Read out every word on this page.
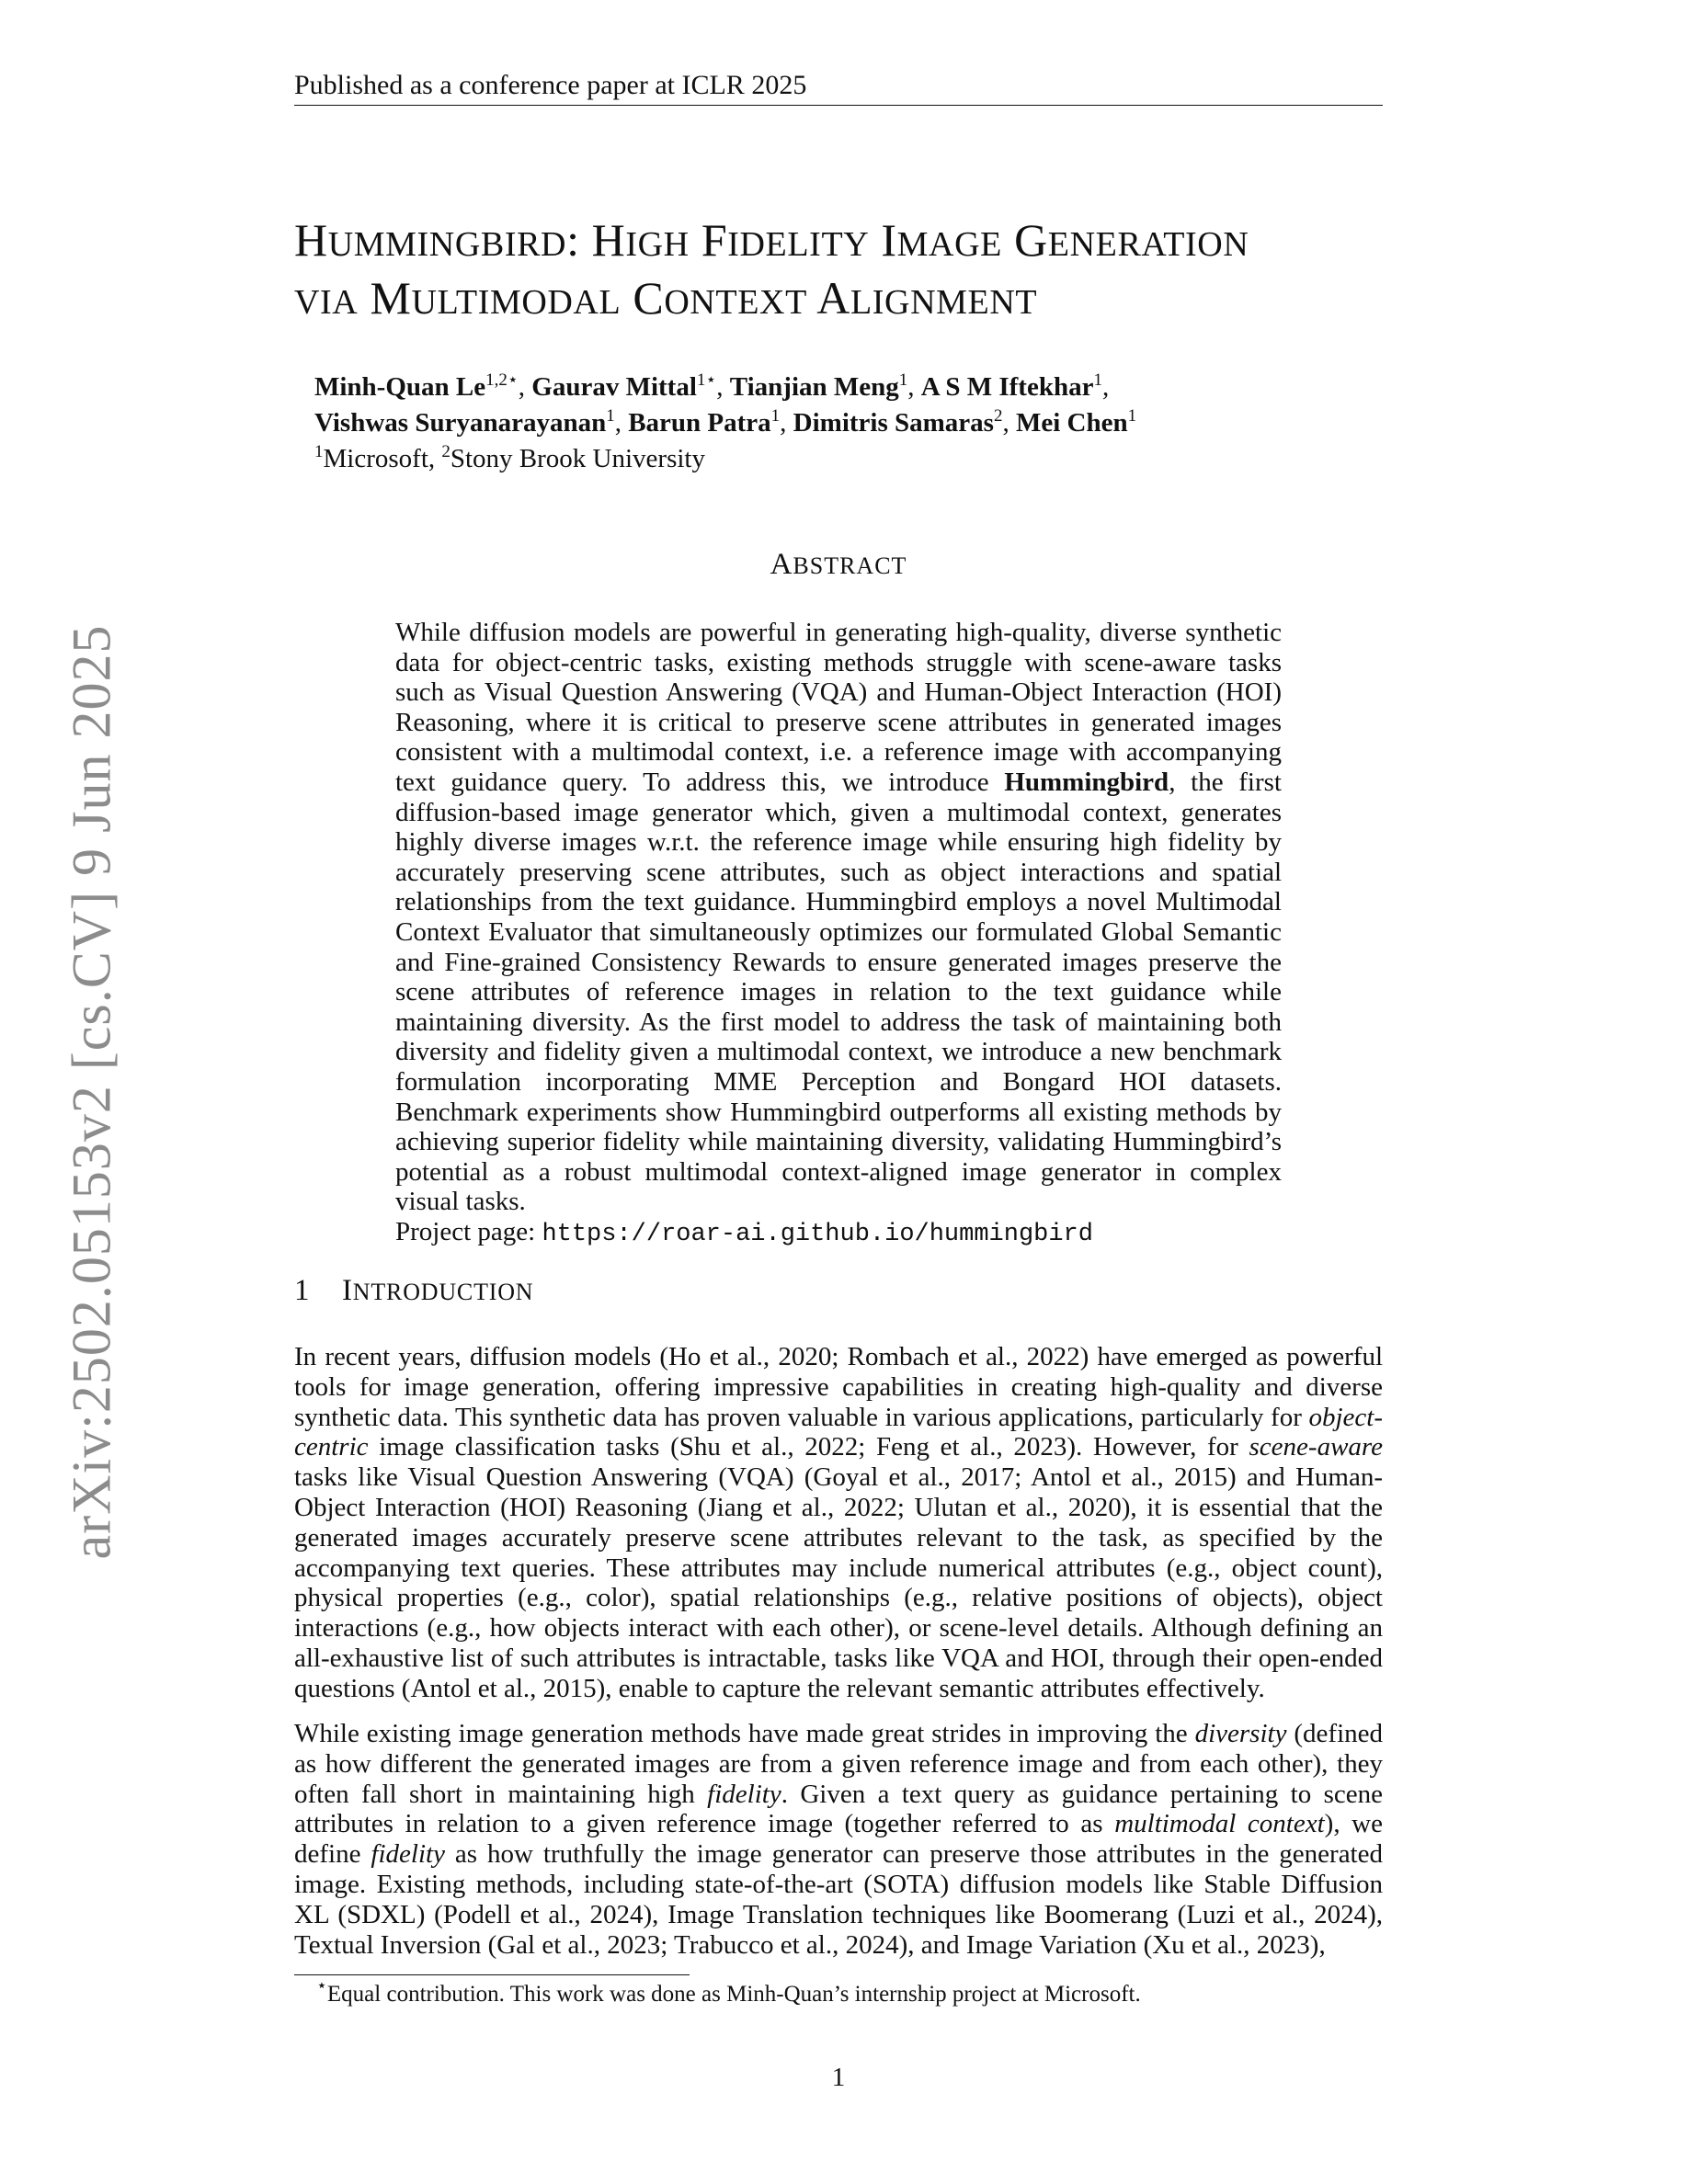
arXiv:2502.05153v2 [cs.CV] 9 Jun 2025
Published as a conference paper at ICLR 2025
HUMMINGBIRD: HIGH FIDELITY IMAGE GENERATION
VIA MULTIMODAL CONTEXT ALIGNMENT
Minh-Quan $Le^{1,2⋆}$, Gaurav Mittal$^{1⋆}$, Tianjian Meng$^1$, A S M Iftekhar$^1$,
Vishwas Suryanarayanan$^1$, Barun Patra$^1$, Dimitris Samaras$^2$, Mei Chen$^1$
$^1$Microsoft, $^2$Stony Brook University
ABSTRACT

While diffusion models are powerful in generating high-quality, diverse synthetic data for object-centric tasks, existing methods struggle with scene-aware tasks such as Visual Question Answering (VQA) and Human-Object Interaction (HOI) Reasoning, where it is critical to preserve scene attributes in generated images consistent with a multimodal context, i.e. a reference image with accompanying text guidance query. To address this, we introduce Hummingbird, the first diffusion-based image generator which, given a multimodal context, generates highly diverse images w.r.t. the reference image while ensuring high fidelity by accurately preserving scene attributes, such as object interactions and spatial relationships from the text guidance. Hummingbird employs a novel Multimodal Context Evaluator that simultaneously optimizes our formulated Global Semantic and Fine-grained Consistency Rewards to ensure generated images preserve the scene attributes of reference images in relation to the text guidance while maintaining diversity. As the first model to address the task of maintaining both diversity and fidelity given a multimodal context, we introduce a new benchmark formulation incorporating MME Perception and Bongard HOI datasets. Benchmark experiments show Hummingbird outperforms all existing methods by achieving superior fidelity while maintaining diversity, validating Hummingbird’s potential as a robust multimodal context-aligned image generator in complex visual tasks.
Project page: https://roar-ai.github.io/hummingbird

1 INTRODUCTION

In recent years, diffusion models (Ho et al., 2020; Rombach et al., 2022) have emerged as powerful tools for image generation, offering impressive capabilities in creating high-quality and diverse synthetic data. This synthetic data has proven valuable in various applications, particularly for object-centric image classification tasks (Shu et al., 2022; Feng et al., 2023). However, for scene-aware tasks like Visual Question Answering (VQA) (Goyal et al., 2017; Antol et al., 2015) and Human-Object Interaction (HOI) Reasoning (Jiang et al., 2022; Ulutan et al., 2020), it is essential that the generated images accurately preserve scene attributes relevant to the task, as specified by the accompanying text queries. These attributes may include numerical attributes (e.g., object count), physical properties (e.g., color), spatial relationships (e.g., relative positions of objects), object interactions (e.g., how objects interact with each other), or scene-level details. Although defining an all-exhaustive list of such attributes is intractable, tasks like VQA and HOI, through their open-ended questions (Antol et al., 2015), enable to capture the relevant semantic attributes effectively.

While existing image generation methods have made great strides in improving the diversity (defined as how different the generated images are from a given reference image and from each other), they often fall short in maintaining high fidelity. Given a text query as guidance pertaining to scene attributes in relation to a given reference image (together referred to as multimodal context), we define fidelity as how truthfully the image generator can preserve those attributes in the generated image. Existing methods, including state-of-the-art (SOTA) diffusion models like Stable Diffusion XL (SDXL) (Podell et al., 2024), Image Translation techniques like Boomerang (Luzi et al., 2024), Textual Inversion (Gal et al., 2023; Trabucco et al., 2024), and Image Variation (Xu et al., 2023),

⋆Equal contribution. This work was done as Minh-Quan’s internship project at Microsoft.
1
